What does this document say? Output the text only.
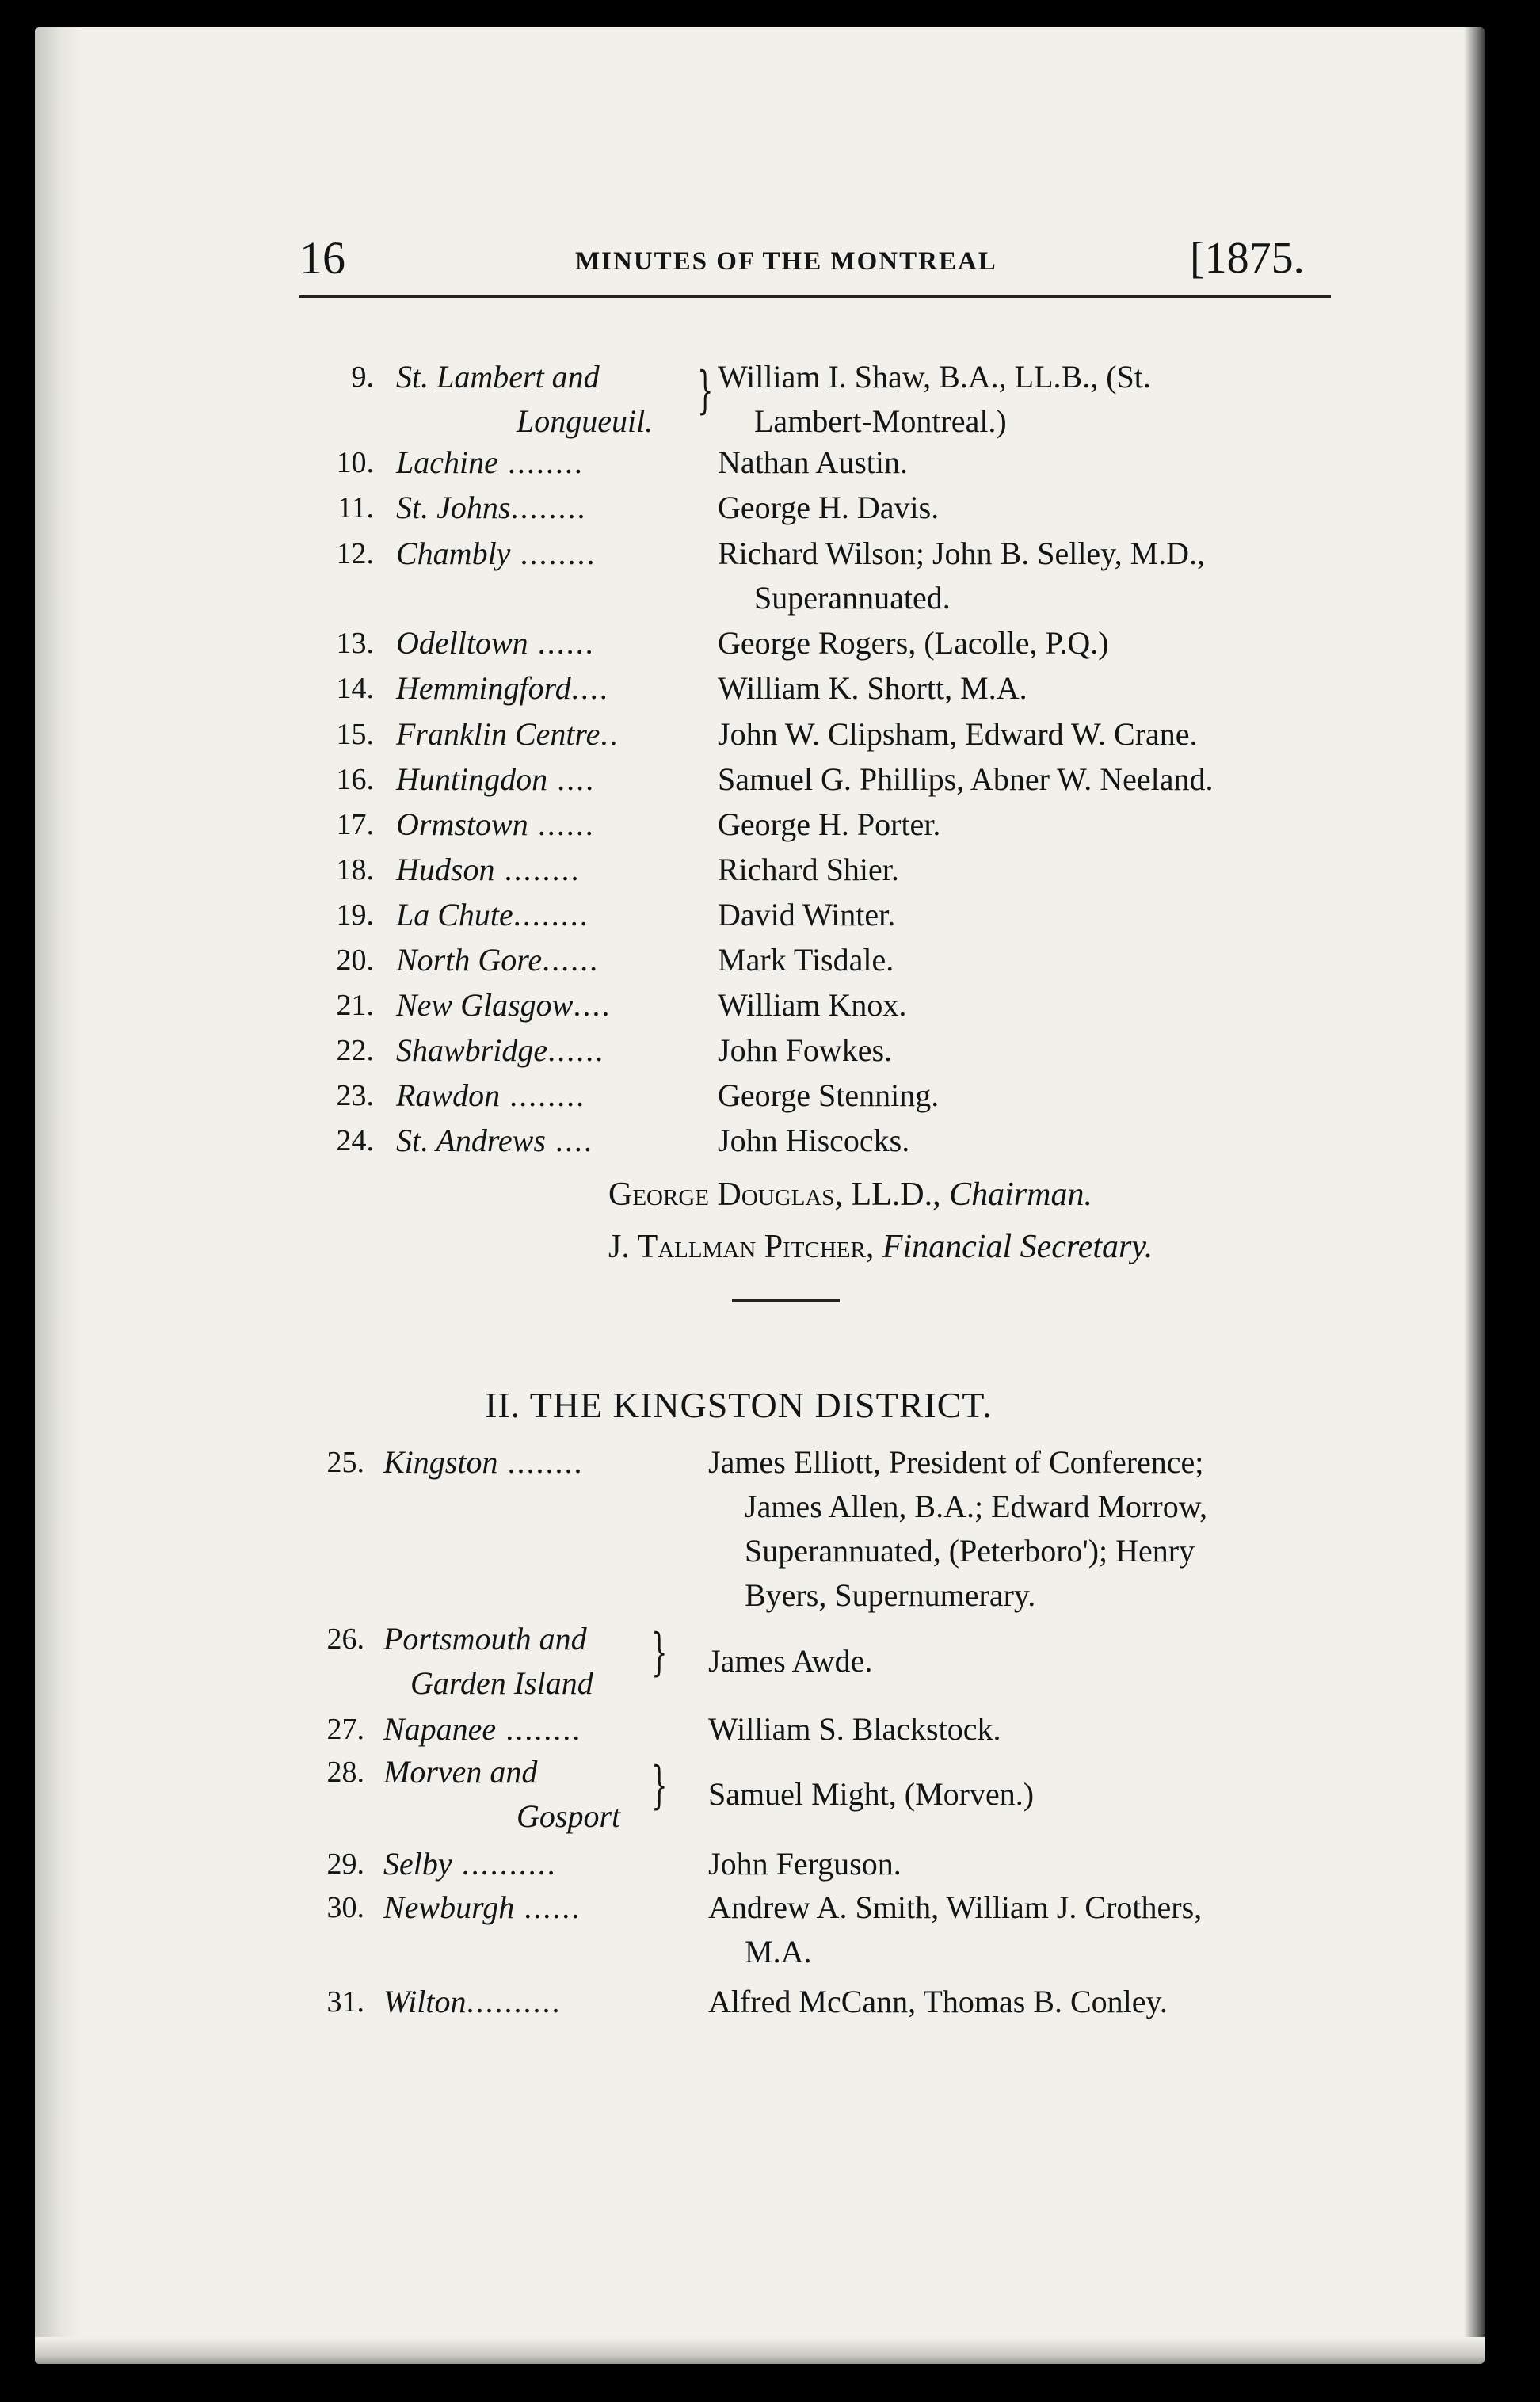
16	MINUTES OF THE MONTREAL	[1875.
9. St. Lambert and
Longueuil.
} William I. Shaw, B.A., LL.B., (St.
Lambert-Montreal.)
10. Lachine ........	Nathan Austin.
11. St. Johns........	George H. Davis.
12. Chambly ........	Richard Wilson; John B. Selley, M.D.,
Superannuated.
13. Odelltown ......	George Rogers, (Lacolle, P.Q.)
14. Hemmingford....	William K. Shortt, M.A.
15. Franklin Centre..	John W. Clipsham, Edward W. Crane.
16. Huntingdon ....	Samuel G. Phillips, Abner W. Neeland.
17. Ormstown ......	George H. Porter.
18. Hudson ........	Richard Shier.
19. La Chute........	David Winter.
20. North Gore......	Mark Tisdale.
21. New Glasgow....	William Knox.
22. Shawbridge......	John Fowkes.
23. Rawdon ........	George Stenning.
24. St. Andrews ....	John Hiscocks.
25. Kingston ........	James Elliott, President of Conference;
James Allen, B.A.; Edward Morrow,
Superannuated, (Peterboro'); Henry
Byers, Supernumerary.
26. Portsmouth and
Garden Island
} James Awde.
27. Napanee ........	William S. Blackstock.
28. Morven and
Gosport
} Samuel Might, (Morven.)
29. Selby ..........	John Ferguson.
30. Newburgh ......	Andrew A. Smith, William J. Crothers,
M.A.
31. Wilton..........	Alfred McCann, Thomas B. Conley.
George Douglas, LL.D., Chairman.
J. Tallman Pitcher, Financial Secretary.
II. THE KINGSTON DISTRICT.
